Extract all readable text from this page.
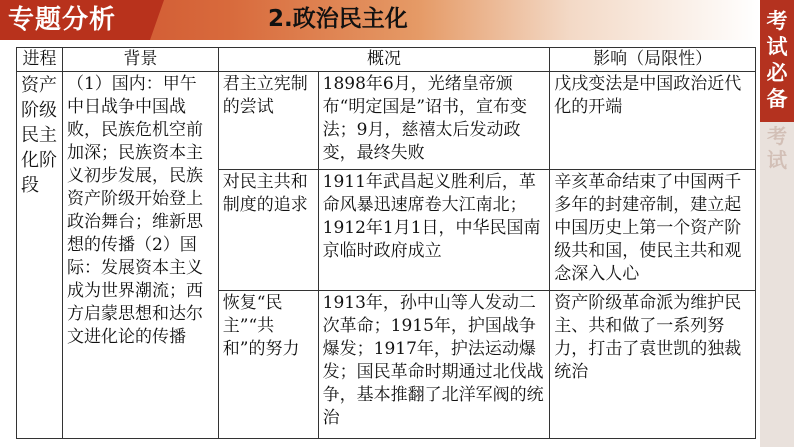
专题分析	2.政治民主化	考
试
必
备
考试
进程	背景	概况		影响（局限性）
资产阶级民主化阶段	（1）国内：甲午中日战争中国战败，民族危机空前加深；民族资本主义初步发展，民族资产阶级开始登上政治舞台；维新思想的传播（2）国际：发展资本主义成为世界潮流；西方启蒙思想和达尔文进化论的传播	君主立宪制的尝试	1898年6月，光绪皇帝颁布“明定国是”诏书，宣布变法；9月，慈禧太后发动政变，最终失败	戊戌变法是中国政治近代化的开端
		对民主共和制度的追求	1911年武昌起义胜利后，革命风暴迅速席卷大江南北；1912年1月1日，中华民国南京临时政府成立	辛亥革命结束了中国两千多年的封建帝制，建立起中国历史上第一个资产阶级共和国，使民主共和观念深入人心
		恢复“民主”“共和”的努力	1913年，孙中山等人发动二次革命；1915年，护国战争爆发；1917年，护法运动爆发；国民革命时期通过北伐战争，基本推翻了北洋军阀的统治	资产阶级革命派为维护民主、共和做了一系列努力，打击了袁世凯的独裁统治
